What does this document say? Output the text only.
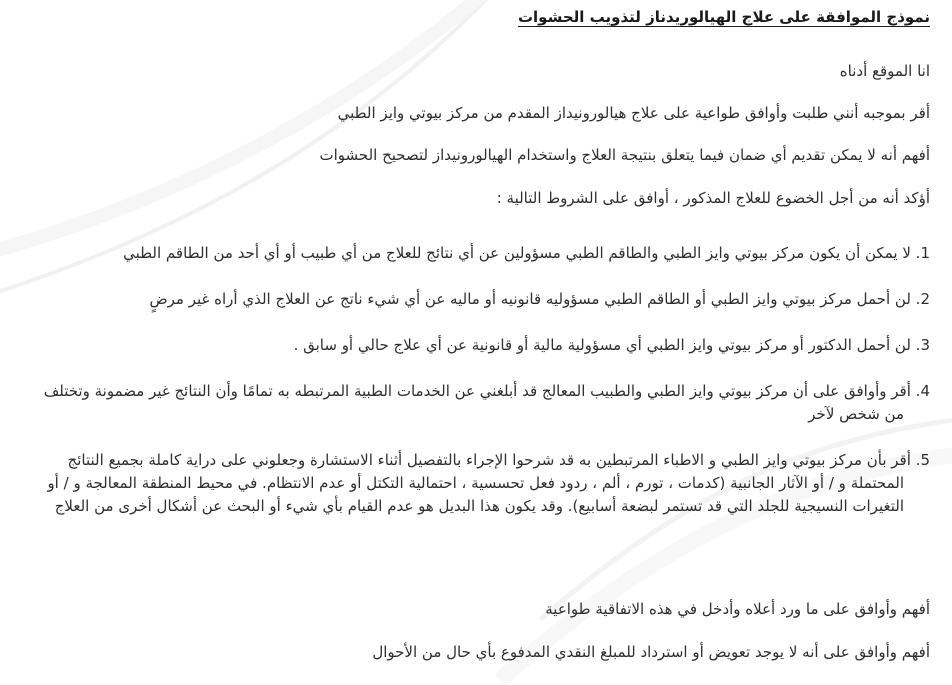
نموذج الموافقة على علاج الهيالوريدناز لتذويب الحشوات

انا الموقع أدناه

أقر بموجبه أنني طلبت وأوافق طواعية على علاج هيالورونيداز المقدم من مركز بيوتي وايز الطبي

أفهم أنه لا يمكن تقديم أي ضمان فيما يتعلق بنتيجة العلاج واستخدام الهيالورونيداز لتصحيح الحشوات

أؤكد أنه من أجل الخضوع للعلاج المذكور ، أوافق على الشروط التالية :

1. لا يمكن أن يكون مركز بيوتي وايز الطبي والطاقم الطبي مسؤولين عن أي نتائج للعلاج من أي طبيب أو أي أحد من الطاقم الطبي

2. لن أحمل مركز بيوتي وايز الطبي أو الطاقم الطبي مسؤوليه قانونيه أو ماليه عن أي شيء ناتج عن العلاج الذي أراه غير مرضٍ

3. لن أحمل الدكتور أو مركز بيوتي وايز الطبي أي مسؤولية مالية أو قانونية عن أي علاج حالي أو سابق .

4. أقر وأوافق على أن مركز بيوتي وايز الطبي والطبيب المعالج قد أبلغني عن الخدمات الطبية المرتبطه به تمامًا وأن النتائج غير مضمونة وتختلف من شخص لآخر

5. أقر بأن مركز بيوتي وايز الطبي و الاطباء المرتبطين به قد شرحوا الإجراء بالتفصيل أثناء الاستشارة وجعلوني على دراية كاملة بجميع النتائج المحتملة و / أو الآثار الجانبية (كدمات ، تورم ، ألم ، ردود فعل تحسسية ، احتمالية التكتل أو عدم الانتظام. في محيط المنطقة المعالجة و / أو التغيرات النسيجية للجلد التي قد تستمر لبضعة أسابيع). وقد يكون هذا البديل هو عدم القيام بأي شيء أو البحث عن أشكال أخرى من العلاج

أفهم وأوافق على ما ورد أعلاه وأدخل في هذه الاتفاقية طواعية

أفهم وأوافق على أنه لا يوجد تعويض أو استرداد للمبلغ النقدي المدفوع بأي حال من الأحوال
